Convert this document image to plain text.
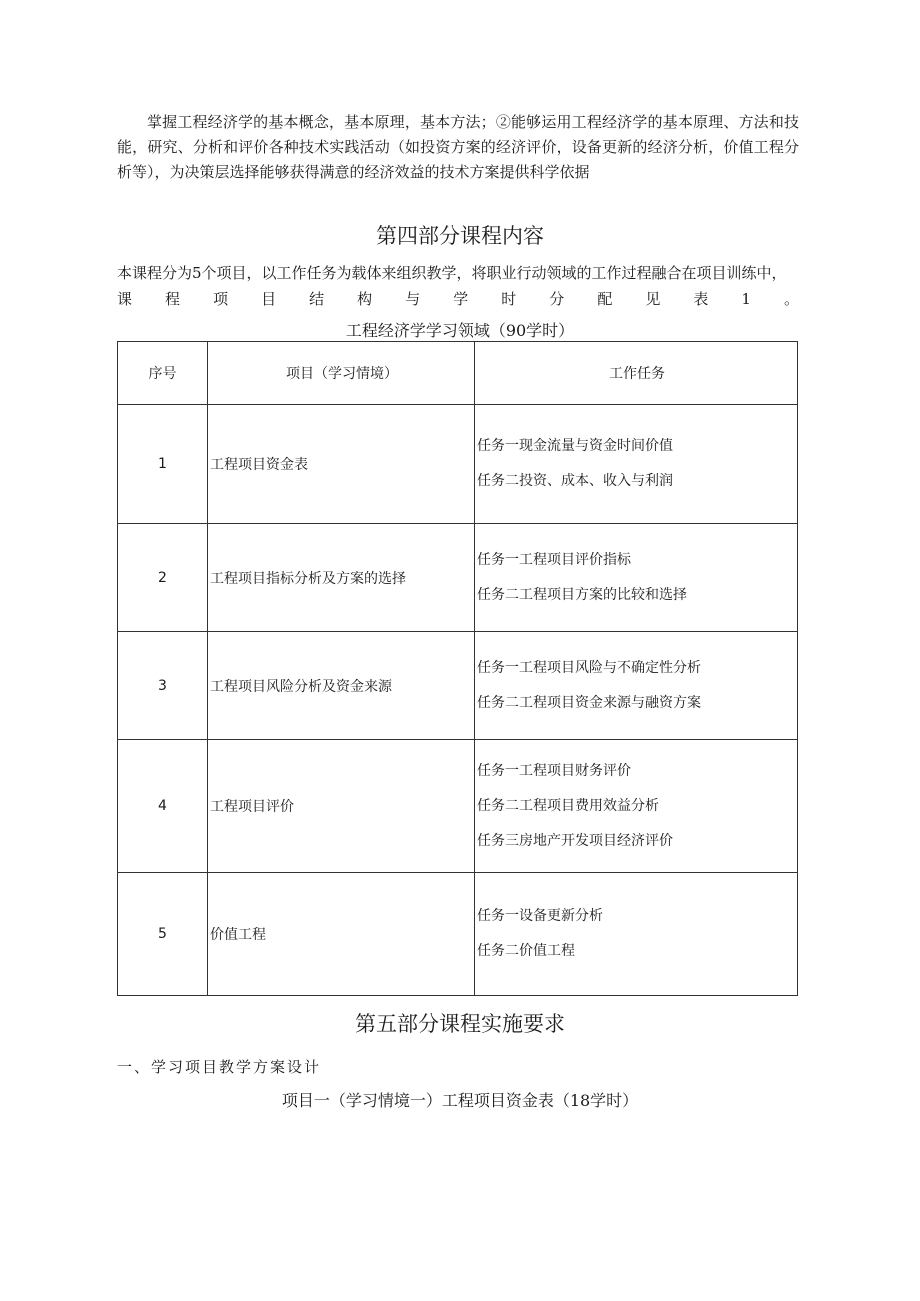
掌握工程经济学的基本概念，基本原理，基本方法；②能够运用工程经济学的基本原理、方法和技能，研究、分析和评价各种技术实践活动（如投资方案的经济评价，设备更新的经济分析，价值工程分析等），为决策层选择能够获得满意的经济效益的技术方案提供科学依据

第四部分课程内容
本课程分为5个项目，以工作任务为载体来组织教学，将职业行动领域的工作过程融合在项目训练中，
课 程 项 目 结 构 与 学 时 分 配 见 表 1 。

工程经济学学习领域（90学时）

序号	项目（学习情境）	工作任务
1	工程项目资金表	任务一现金流量与资金时间价值
任务二投资、成本、收入与利润

2	工程项目指标分析及方案的选择	任务一工程项目评价指标
任务二工程项目方案的比较和选择

3	工程项目风险分析及资金来源	任务一工程项目风险与不确定性分析
任务二工程项目资金来源与融资方案

4	工程项目评价	任务一工程项目财务评价
任务二工程项目费用效益分析
任务三房地产开发项目经济评价

5	价值工程	任务一设备更新分析
任务二价值工程
第五部分课程实施要求
一、学习项目教学方案设计

项目一（学习情境一）工程项目资金表（18学时）
